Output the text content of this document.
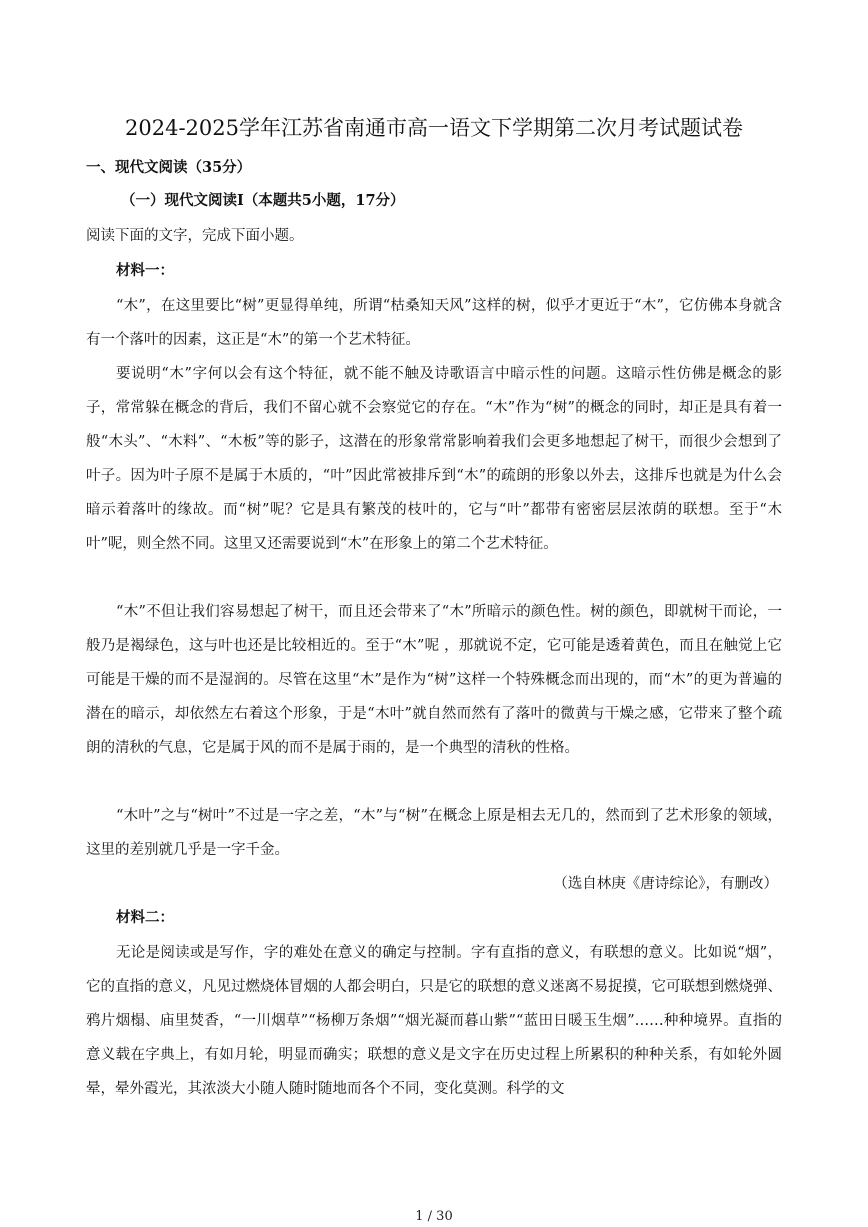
2024-2025学年江苏省南通市高一语文下学期第二次月考试题试卷
一、现代文阅读（35分）
（一）现代文阅读Ⅰ（本题共5小题，17分）
阅读下面的文字，完成下面小题。
材料一：

“木”，在这里要比“树”更显得单纯，所谓“枯桑知天风”这样的树，似乎才更近于“木”，它仿佛本身就含有一个落叶的因素，这正是“木”的第一个艺术特征。

要说明“木”字何以会有这个特征，就不能不触及诗歌语言中暗示性的问题。这暗示性仿佛是概念的影子，常常躲在概念的背后，我们不留心就不会察觉它的存在。“木”作为“树”的概念的同时，却正是具有着一般“木头”、“木料”、“木板”等的影子，这潜在的形象常常影响着我们会更多地想起了树干，而很少会想到了叶子。因为叶子原不是属于木质的，“叶”因此常被排斥到“木”的疏朗的形象以外去，这排斥也就是为什么会暗示着落叶的缘故。而“树”呢？它是具有繁茂的枝叶的，它与“叶”都带有密密层层浓荫的联想。至于“木叶”呢，则全然不同。这里又还需要说到“木”在形象上的第二个艺术特征。

“木”不但让我们容易想起了树干，而且还会带来了“木”所暗示的颜色性。树的颜色，即就树干而论，一般乃是褐绿色，这与叶也还是比较相近的。至于“木”呢 ，那就说不定，它可能是透着黄色，而且在触觉上它可能是干燥的而不是湿润的。尽管在这里“木”是作为“树”这样一个特殊概念而出现的，而“木”的更为普遍的潜在的暗示，却依然左右着这个形象，于是“木叶”就自然而然有了落叶的微黄与干燥之感，它带来了整个疏朗的清秋的气息，它是属于风的而不是属于雨的，是一个典型的清秋的性格。

“木叶”之与“树叶”不过是一字之差，“木”与“树”在概念上原是相去无几的，然而到了艺术形象的领域，这里的差别就几乎是一字千金。

（选自林庚《唐诗综论》，有删改）
材料二：

无论是阅读或是写作，字的难处在意义的确定与控制。字有直指的意义，有联想的意义。比如说“烟”，它的直指的意义，凡见过燃烧体冒烟的人都会明白，只是它的联想的意义迷离不易捉摸，它可联想到燃烧弹、鸦片烟榻、庙里焚香，“一川烟草”“杨柳万条烟”“烟光凝而暮山紫”“蓝田日暖玉生烟”……种种境界。直指的意义载在字典上，有如月轮，明显而确实；联想的意义是文字在历史过程上所累积的种种关系，有如轮外圆晕，晕外霞光，其浓淡大小随人随时随地而各个不同，变化莫测。科学的文

1 / 30
